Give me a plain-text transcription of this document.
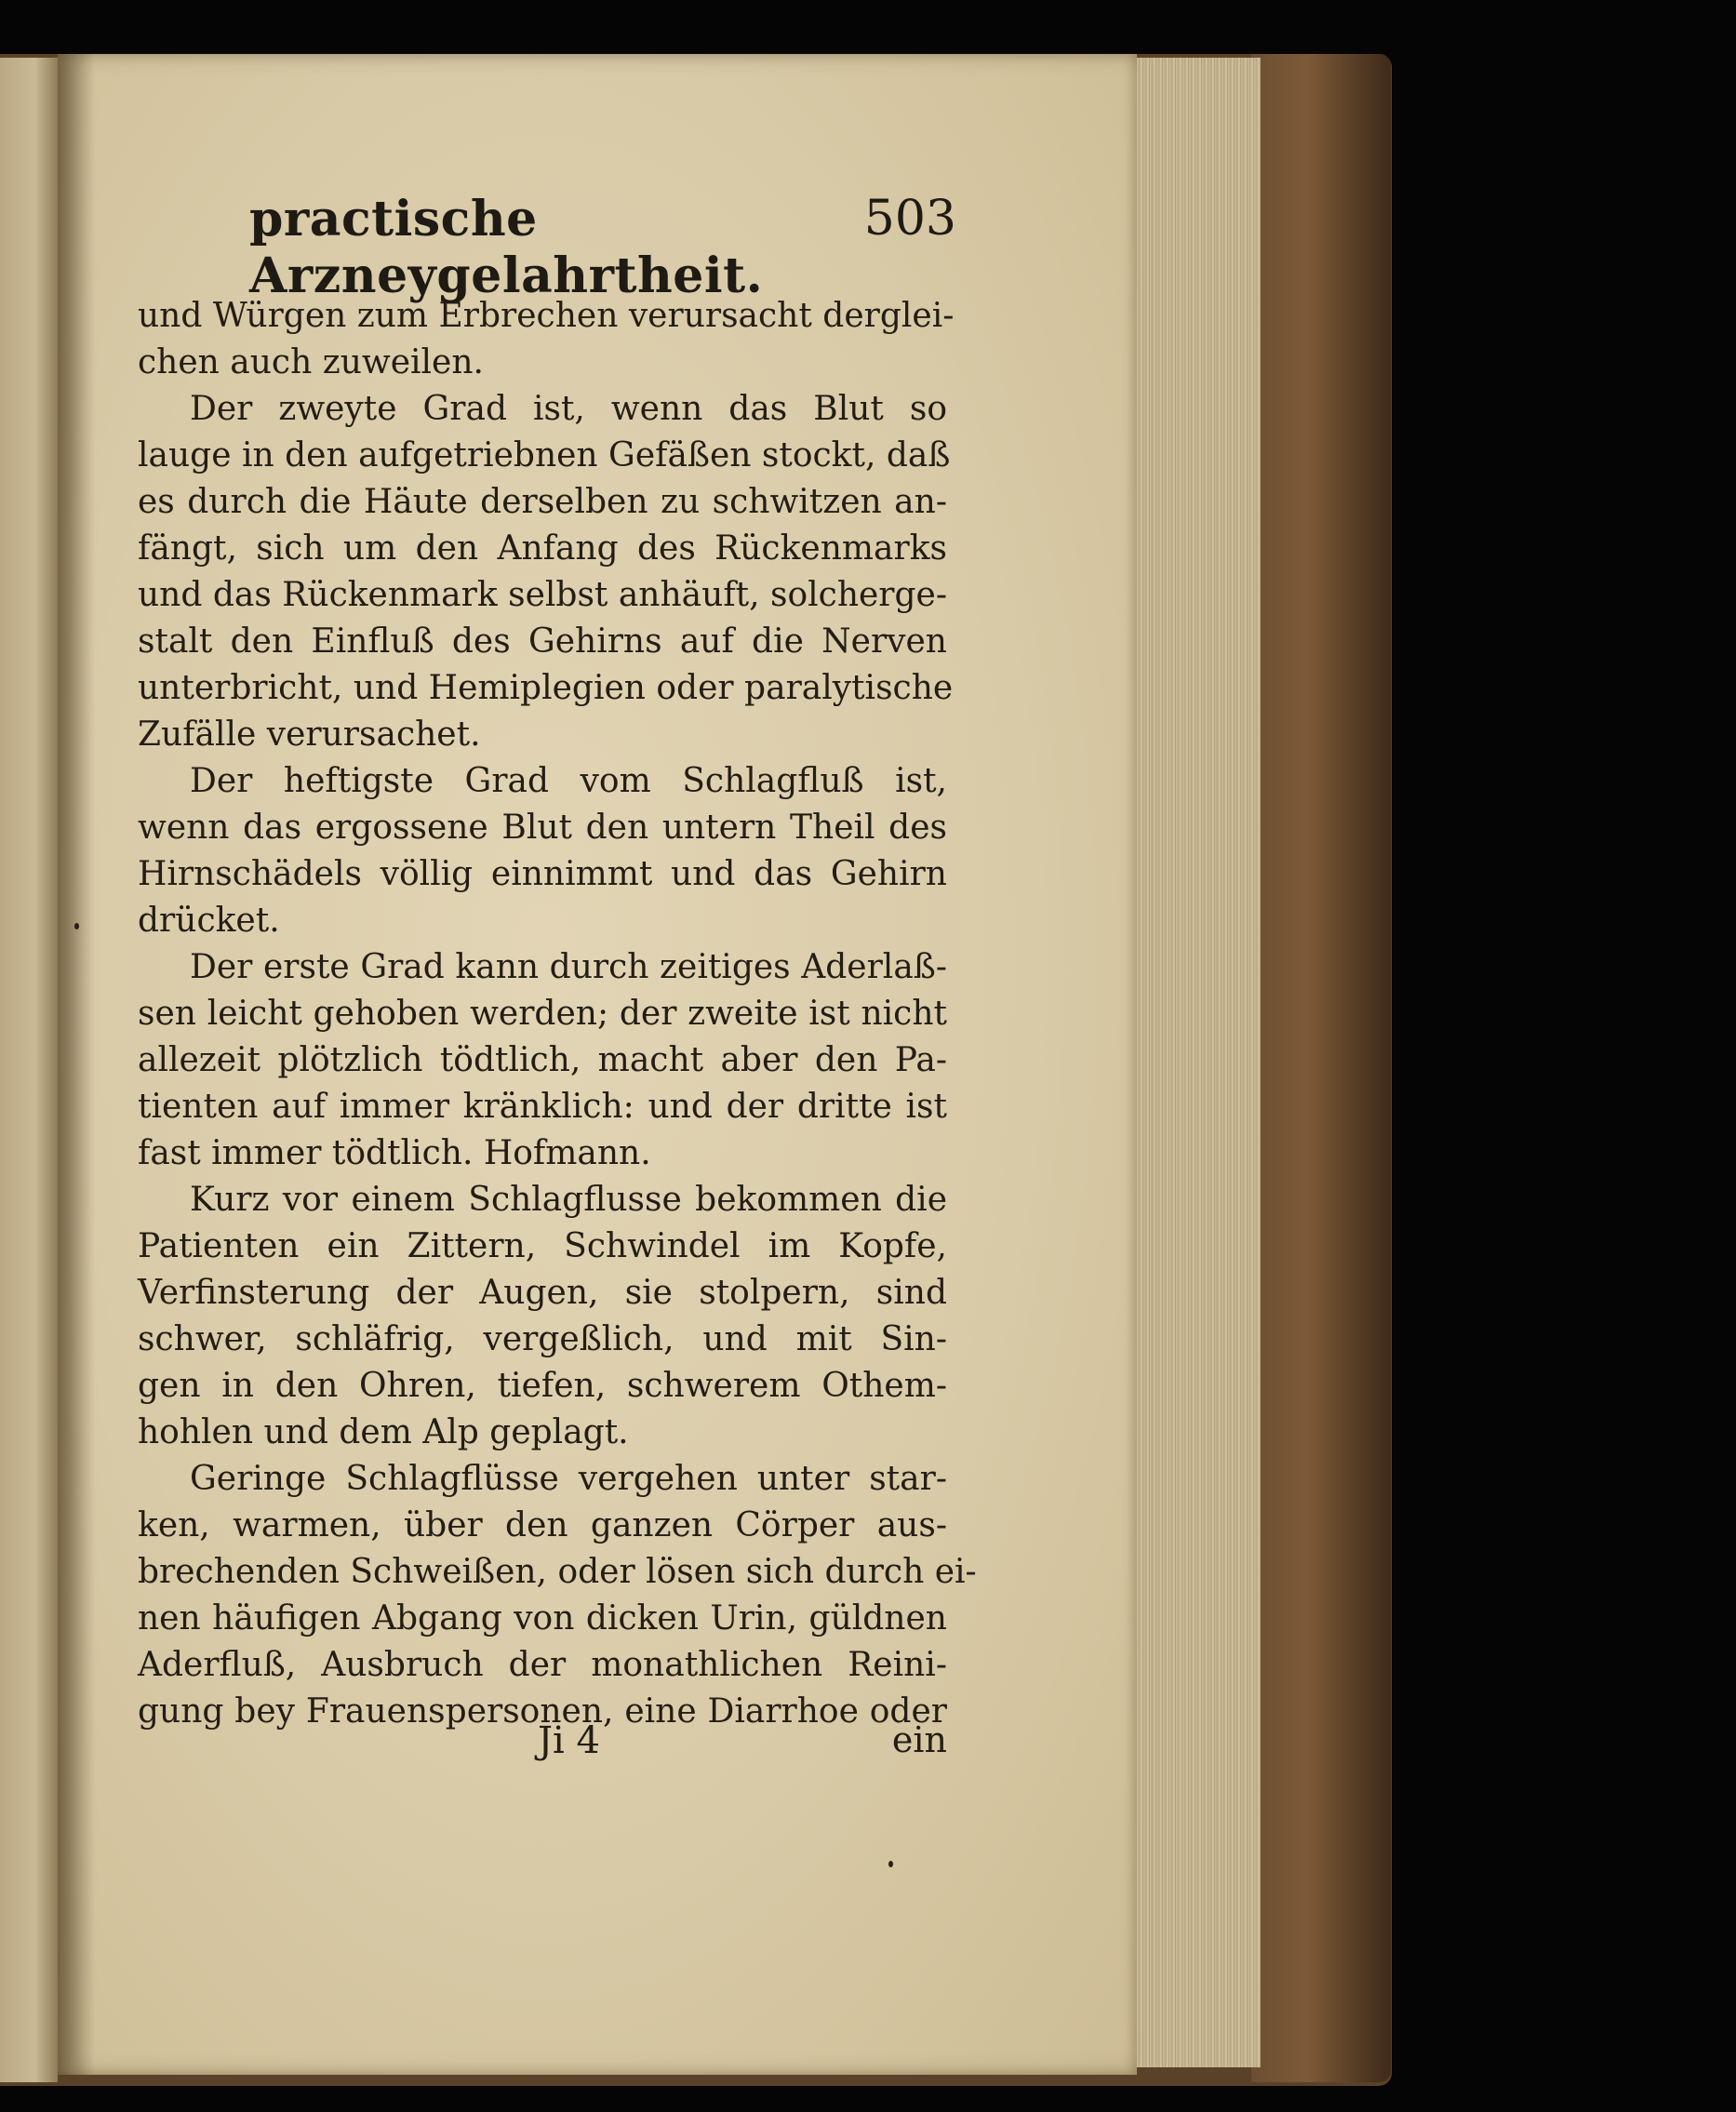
practische Arzneygelahrtheit.
503
und Würgen zum Erbrechen verursacht derglei-
chen auch zuweilen.
Der zweyte Grad ist, wenn das Blut so
lauge in den aufgetriebnen Gefäßen stockt, daß
es durch die Häute derselben zu schwitzen an-
fängt, sich um den Anfang des Rückenmarks
und das Rückenmark selbst anhäuft, solcherge-
stalt den Einfluß des Gehirns auf die Nerven
unterbricht, und Hemiplegien oder paralytische
Zufälle verursachet.
Der heftigste Grad vom Schlagfluß ist,
wenn das ergossene Blut den untern Theil des
Hirnschädels völlig einnimmt und das Gehirn
drücket.
Der erste Grad kann durch zeitiges Aderlaß-
sen leicht gehoben werden; der zweite ist nicht
allezeit plötzlich tödtlich, macht aber den Pa-
tienten auf immer kränklich: und der dritte ist
fast immer tödtlich. Hofmann.
Kurz vor einem Schlagflusse bekommen die
Patienten ein Zittern, Schwindel im Kopfe,
Verfinsterung der Augen, sie stolpern, sind
schwer, schläfrig, vergeßlich, und mit Sin-
gen in den Ohren, tiefen, schwerem Othem-
hohlen und dem Alp geplagt.
Geringe Schlagflüsse vergehen unter star-
ken, warmen, über den ganzen Cörper aus-
brechenden Schweißen, oder lösen sich durch ei-
nen häufigen Abgang von dicken Urin, güldnen
Aderfluß, Ausbruch der monathlichen Reini-
gung bey Frauenspersonen, eine Diarrhoe oder
Ji 4	ein
